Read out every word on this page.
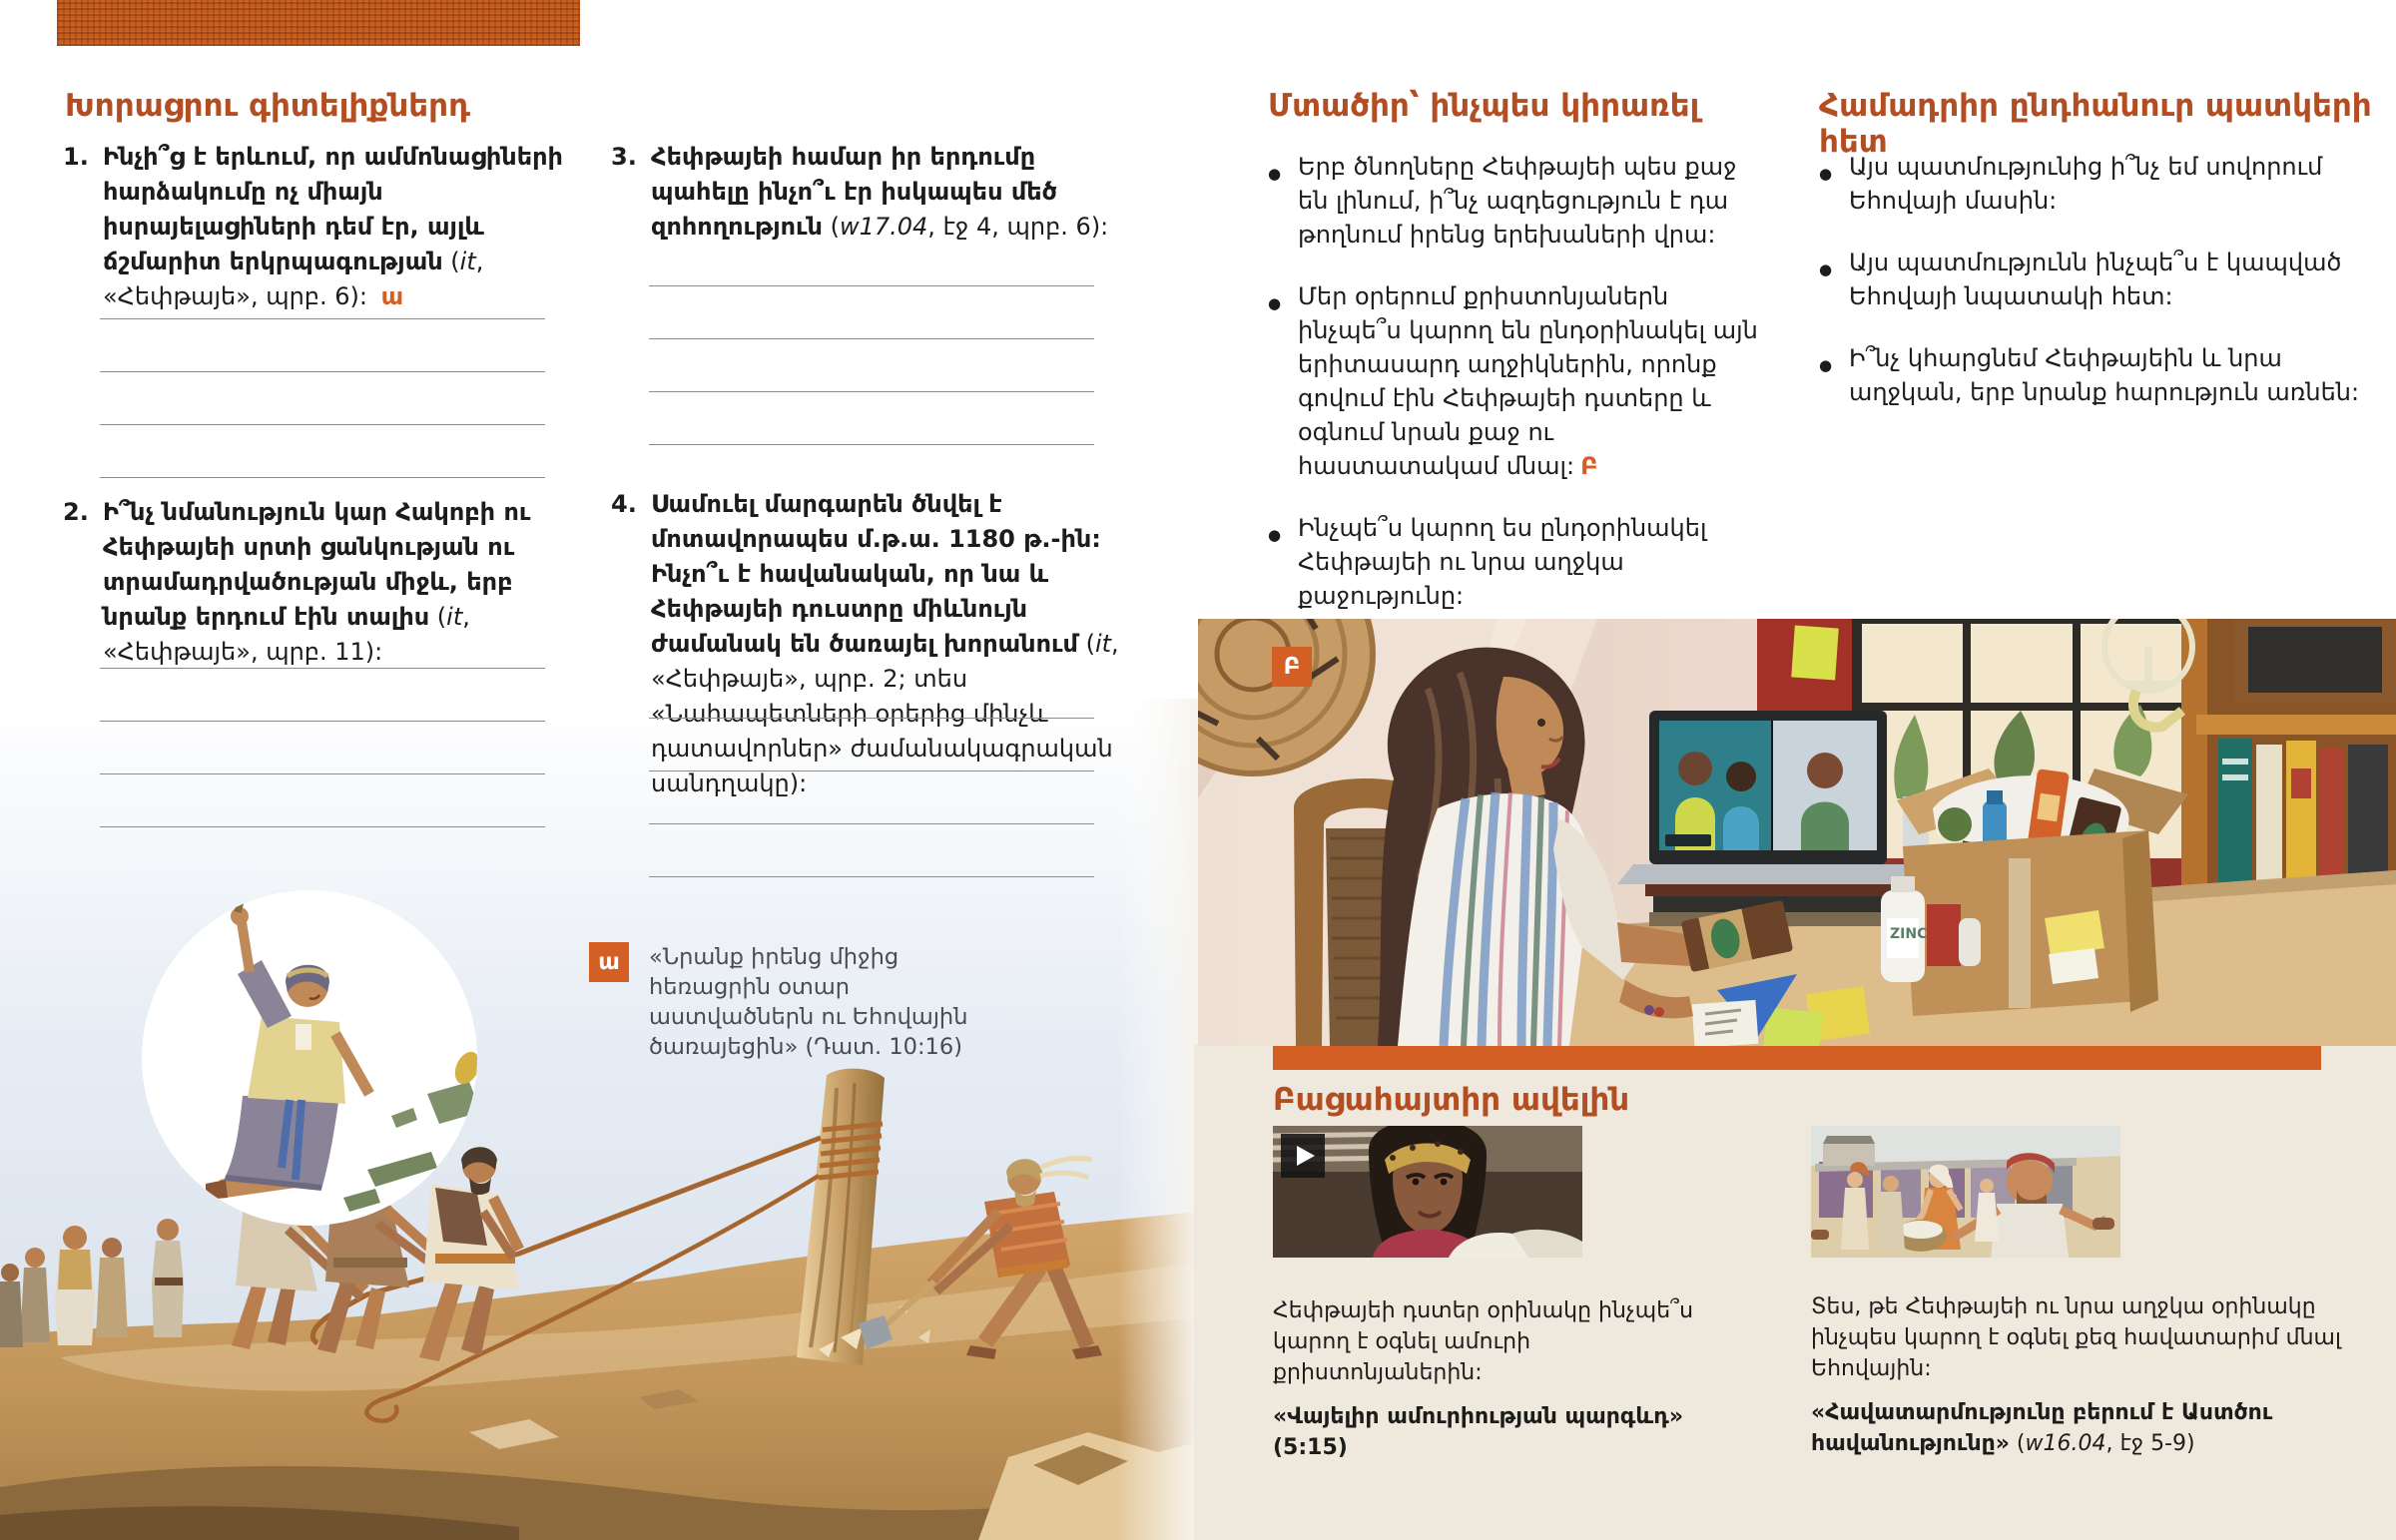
Խորացրու գիտելիքներդ
1. Ինչի՞ց է երևում, որ ամմոնացիների հարձակումը ոչ միայն իսրայելացիների դեմ էր, այլև ճշմարիտ երկրպագության (it, «Հեփթայե», պրբ. 6): ա
2. Ի՞նչ նմանություն կար Հակոբի ու Հեփթայեի սրտի ցանկության ու տրամադրվածության միջև, երբ նրանք երդում էին տալիս (it, «Հեփթայե», պրբ. 11):
3. Հեփթայեի համար իր երդումը պահելը ինչո՞ւ էր իսկապես մեծ զոհողություն (w17.04, էջ 4, պրբ. 6):
4. Սամուել մարգարեն ծնվել է մոտավորապես մ.թ.ա. 1180 թ.-ին: Ինչո՞ւ է հավանական, որ նա և Հեփթայեի դուստրը միևնույն ժամանակ են ծառայել խորանում (it, «Հեփթայե», պրբ. 2; տես «Նահապետների օրերից մինչև դատավորներ» ժամանակագրական սանդղակը):
ա	«Նրանք իրենց միջից հեռացրին օտար աստվածներն ու Եհովային ծառայեցին» (Դատ. 10:16)
Մտածիր՝ ինչպես կիրառել
● Երբ ծնողները Հեփթայեի պես քաջ են լինում, ի՞նչ ազդեցություն է դա թողնում իրենց երեխաների վրա:
● Մեր օրերում քրիստոնյաներն ինչպե՞ս կարող են ընդօրինակել այն երիտասարդ աղջիկներին, որոնք գովում էին Հեփթայեի դստերը և օգնում նրան քաջ ու հաստատակամ մնալ: Բ
● Ինչպե՞ս կարող ես ընդօրինակել Հեփթայեի ու նրա աղջկա քաջությունը:
Համադրիր ընդհանուր պատկերի հետ
● Այս պատմությունից ի՞նչ եմ սովորում Եհովայի մասին:
● Այս պատմությունն ինչպե՞ս է կապված Եհովայի նպատակի հետ:
● Ի՞նչ կհարցնեմ Հեփթայեին և նրա աղջկան, երբ նրանք հարություն առնեն:
ZINC
Բ
Բացահայտիր ավելին
Հեփթայեի դստեր օրինակը ինչպե՞ս կարող է օգնել ամուրի քրիստոնյաներին:
«Վայելիր ամուրիության պարգևդ» (5:15)
Տես, թե Հեփթայեի ու նրա աղջկա օրինակը ինչպես կարող է օգնել քեզ հավատարիմ մնալ Եհովային:
«Հավատարմությունը բերում է Աստծու հավանությունը» (w16.04, էջ 5-9)
